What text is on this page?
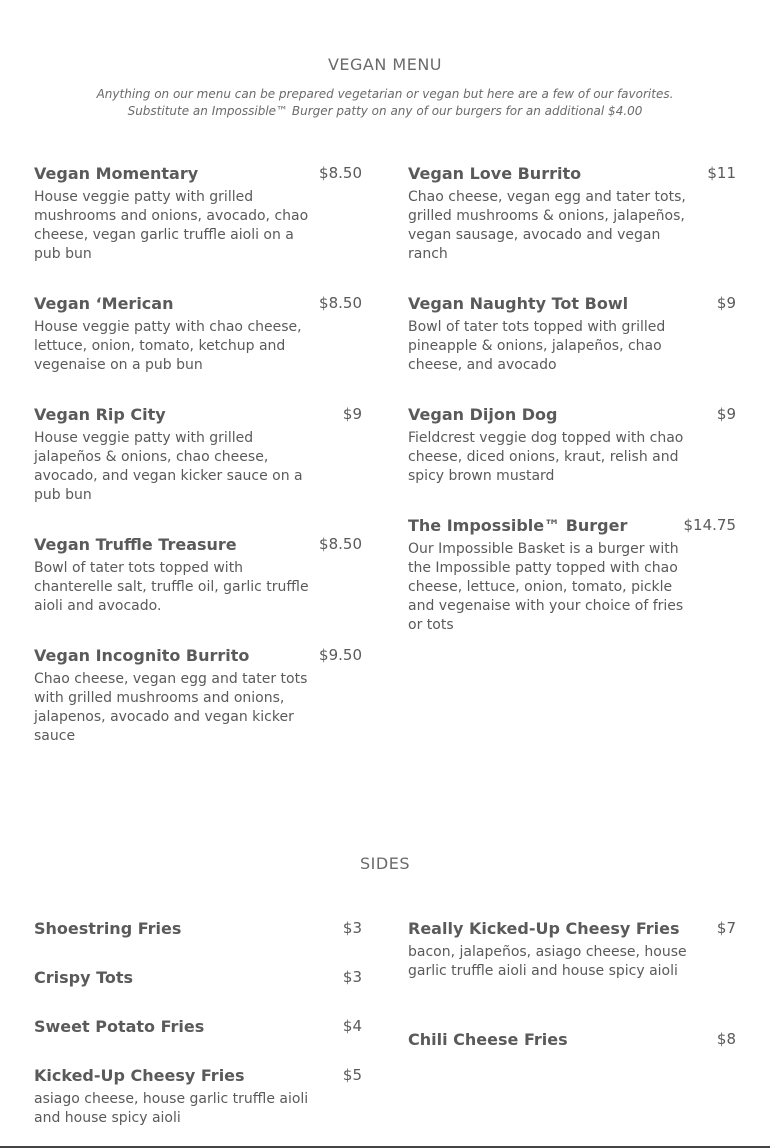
VEGAN MENU
Anything on our menu can be prepared vegetarian or vegan but here are a few of our favorites.
Substitute an Impossible™ Burger patty on any of our burgers for an additional $4.00
Vegan Momentary	$8.50
House veggie patty with grilled mushrooms and onions, avocado, chao cheese, vegan garlic truffle aioli on a pub bun
Vegan ‘Merican	$8.50
House veggie patty with chao cheese, lettuce, onion, tomato, ketchup and vegenaise on a pub bun
Vegan Rip City	$9
House veggie patty with grilled jalapeños & onions, chao cheese, avocado, and vegan kicker sauce on a pub bun
Vegan Truffle Treasure	$8.50
Bowl of tater tots topped with chanterelle salt, truffle oil, garlic truffle aioli and avocado.
Vegan Incognito Burrito	$9.50
Chao cheese, vegan egg and tater tots with grilled mushrooms and onions, jalapenos, avocado and vegan kicker sauce
Vegan Love Burrito	$11
Chao cheese, vegan egg and tater tots, grilled mushrooms & onions, jalapeños, vegan sausage, avocado and vegan ranch
Vegan Naughty Tot Bowl	$9
Bowl of tater tots topped with grilled pineapple & onions, jalapeños, chao cheese, and avocado
Vegan Dijon Dog	$9
Fieldcrest veggie dog topped with chao cheese, diced onions, kraut, relish and spicy brown mustard
The Impossible™ Burger	$14.75
Our Impossible Basket is a burger with the Impossible patty topped with chao cheese, lettuce, onion, tomato, pickle and vegenaise with your choice of fries or tots
SIDES
Shoestring Fries	$3
Crispy Tots	$3
Sweet Potato Fries	$4
Kicked-Up Cheesy Fries	$5
asiago cheese, house garlic truffle aioli and house spicy aioli
Really Kicked-Up Cheesy Fries $7
bacon, jalapeños, asiago cheese, house garlic truffle aioli and house spicy aioli
Chili Cheese Fries	$8
